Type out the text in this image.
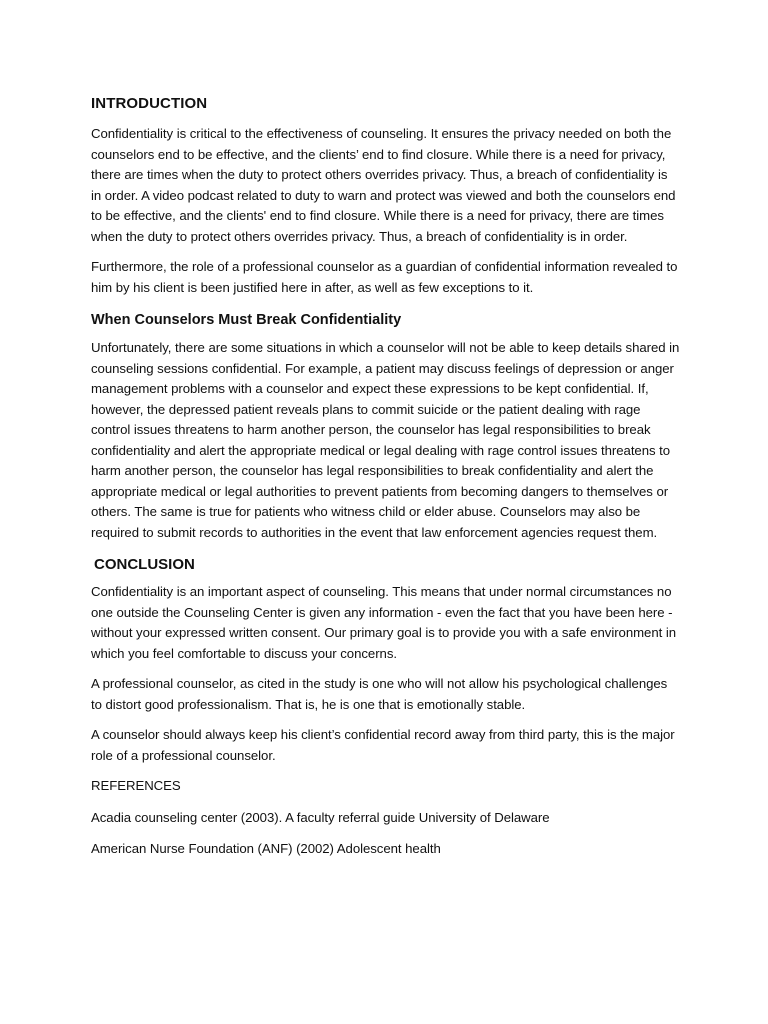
INTRODUCTION

Confidentiality is critical to the effectiveness of counseling. It ensures the privacy needed on both the counselors end to be effective, and the clients’ end to find closure. While there is a need for privacy, there are times when the duty to protect others overrides privacy. Thus, a breach of confidentiality is in order. A video podcast related to duty to warn and protect was viewed and both the counselors end to be effective, and the clients' end to find closure. While there is a need for privacy, there are times when the duty to protect others overrides privacy. Thus, a breach of confidentiality is in order.

Furthermore, the role of a professional counselor as a guardian of confidential information revealed to him by his client is been justified here in after, as well as few exceptions to it.

When Counselors Must Break Confidentiality

Unfortunately, there are some situations in which a counselor will not be able to keep details shared in counseling sessions confidential. For example, a patient may discuss feelings of depression or anger management problems with a counselor and expect these expressions to be kept confidential. If, however, the depressed patient reveals plans to commit suicide or the patient dealing with rage control issues threatens to harm another person, the counselor has legal responsibilities to break confidentiality and alert the appropriate medical or legal dealing with rage control issues threatens to harm another person, the counselor has legal responsibilities to break confidentiality and alert the appropriate medical or legal authorities to prevent patients from becoming dangers to themselves or others. The same is true for patients who witness child or elder abuse. Counselors may also be required to submit records to authorities in the event that law enforcement agencies request them.

CONCLUSION

Confidentiality is an important aspect of counseling. This means that under normal circumstances no one outside the Counseling Center is given any information - even the fact that you have been here - without your expressed written consent. Our primary goal is to provide you with a safe environment in which you feel comfortable to discuss your concerns.

A professional counselor, as cited in the study is one who will not allow his psychological challenges to distort good professionalism. That is, he is one that is emotionally stable.

A counselor should always keep his client’s confidential record away from third party, this is the major role of a professional counselor.

REFERENCES

Acadia counseling center (2003). A faculty referral guide University of Delaware

American Nurse Foundation (ANF) (2002) Adolescent health
